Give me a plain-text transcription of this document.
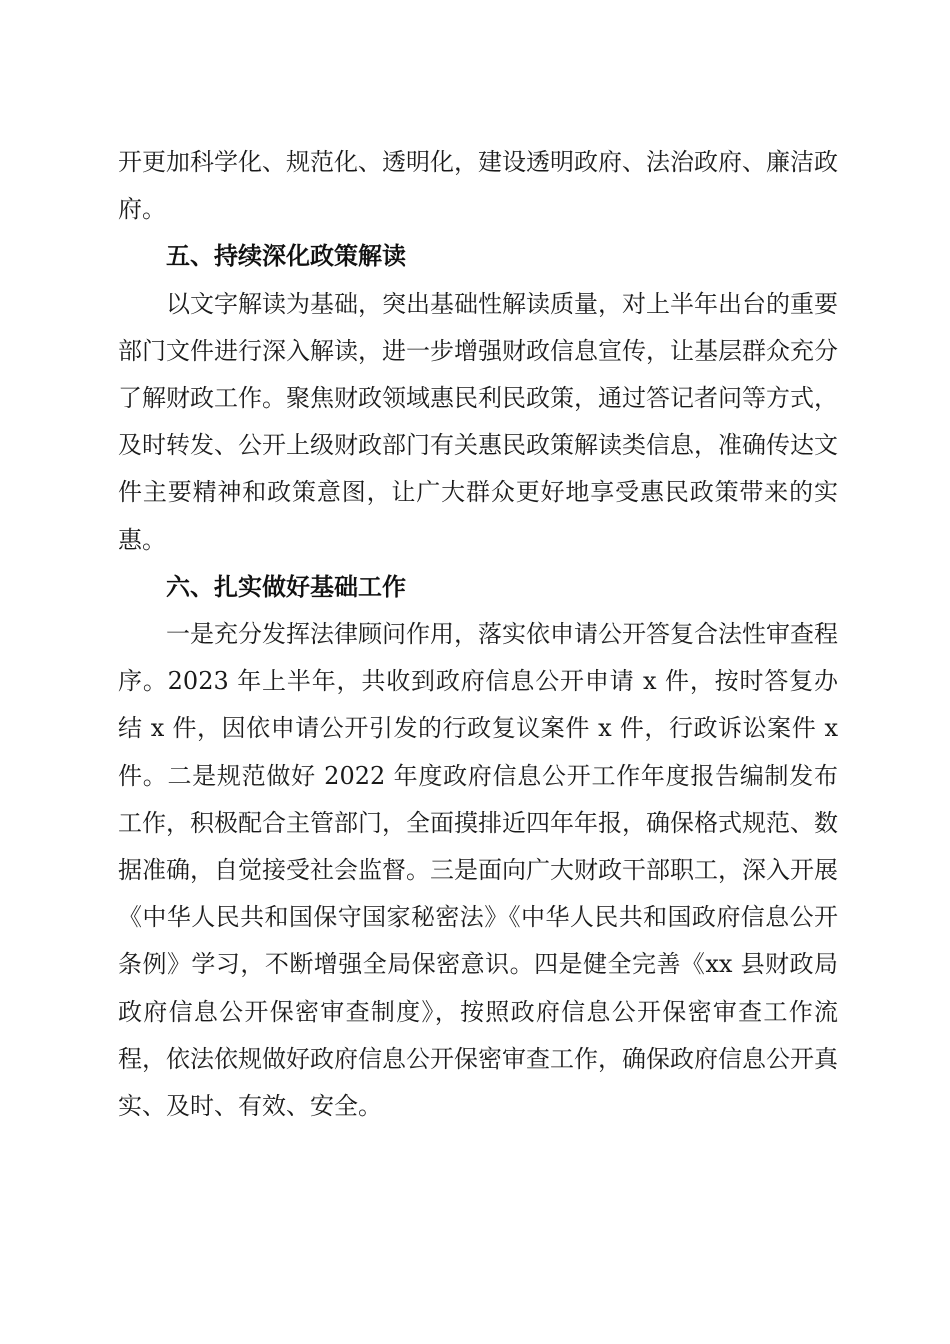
开更加科学化、规范化、透明化，建设透明政府、法治政府、廉洁政府。

五、持续深化政策解读

以文字解读为基础，突出基础性解读质量，对上半年出台的重要部门文件进行深入解读，进一步增强财政信息宣传，让基层群众充分了解财政工作。聚焦财政领域惠民利民政策，通过答记者问等方式，及时转发、公开上级财政部门有关惠民政策解读类信息，准确传达文件主要精神和政策意图，让广大群众更好地享受惠民政策带来的实惠。

六、扎实做好基础工作

一是充分发挥法律顾问作用，落实依申请公开答复合法性审查程序。2023 年上半年，共收到政府信息公开申请 x 件，按时答复办结 x 件，因依申请公开引发的行政复议案件 x 件，行政诉讼案件 x 件。二是规范做好 2022 年度政府信息公开工作年度报告编制发布工作，积极配合主管部门，全面摸排近四年年报，确保格式规范、数据准确，自觉接受社会监督。三是面向广大财政干部职工，深入开展《中华人民共和国保守国家秘密法》《中华人民共和国政府信息公开条例》学习，不断增强全局保密意识。四是健全完善《xx 县财政局政府信息公开保密审查制度》，按照政府信息公开保密审查工作流程，依法依规做好政府信息公开保密审查工作，确保政府信息公开真实、及时、有效、安全。
